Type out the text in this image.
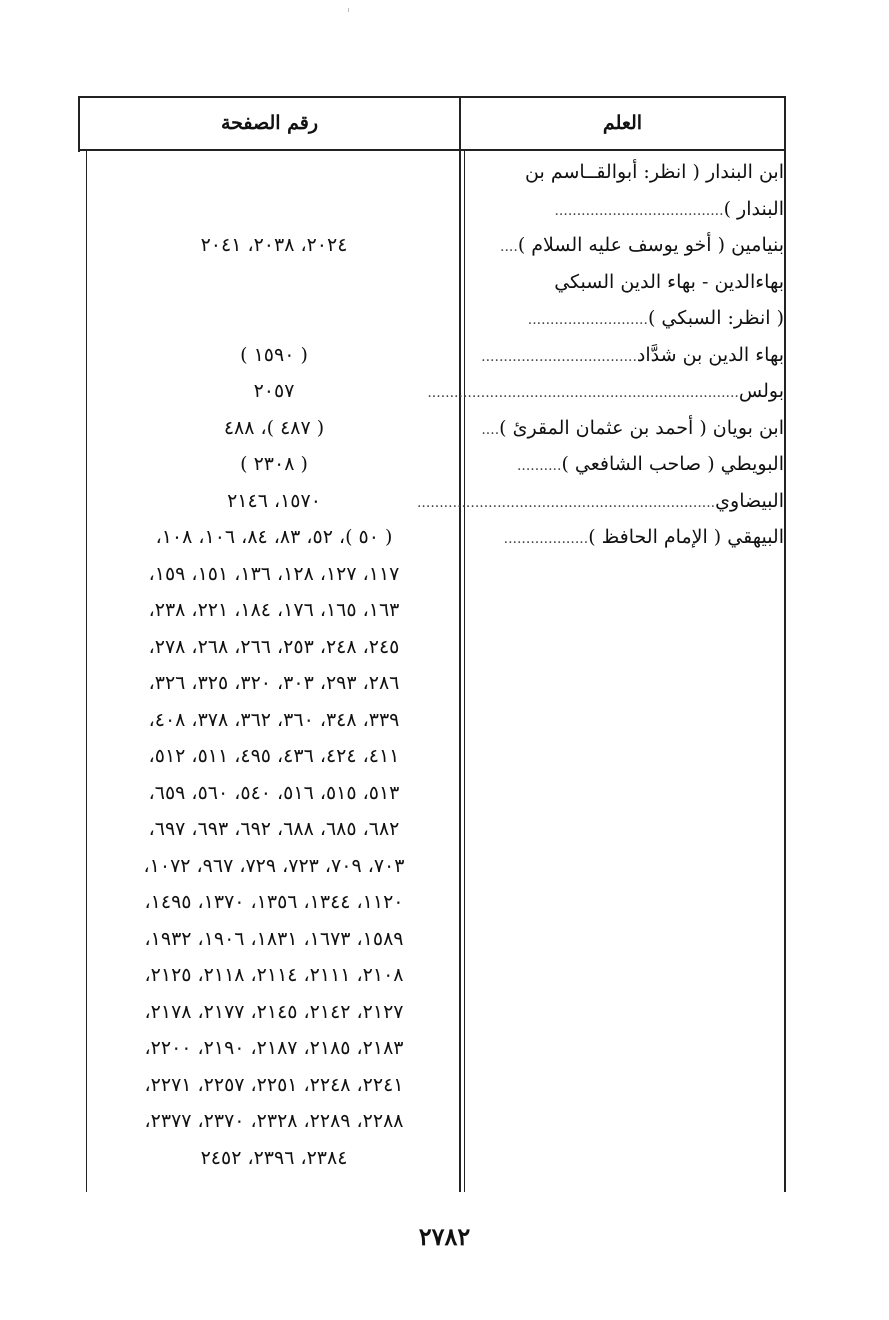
العلم
رقم الصفحة
ابن البندار ( انظر: أبوالقــاسم بن
البندار )......................................
بنيامين ( أخو يوسف عليه السلام )....
بهاءالدين - بهاء الدين السبكي
( انظر: السبكي )...........................
بهاء الدين بن شدَّاد...................................
بولس......................................................................
ابن بويان ( أحمد بن عثمان المقرئ )....
البويطي ( صاحب الشافعي )..........
البيضاوي...................................................................
البيهقي ( الإمام الحافظ )...................
٢٠٢٤، ٢٠٣٨، ٢٠٤١
( ١٥٩٠ )
٢٠٥٧
( ٤٨٧ )، ٤٨٨
( ٢٣٠٨ )
١٥٧٠، ٢١٤٦
( ٥٠ )، ٥٢، ٨٣، ٨٤، ١٠٦، ١٠٨،
١١٧، ١٢٧، ١٢٨، ١٣٦، ١٥١، ١٥٩،
١٦٣، ١٦٥، ١٧٦، ١٨٤، ٢٢١، ٢٣٨،
٢٤٥، ٢٤٨، ٢٥٣، ٢٦٦، ٢٦٨، ٢٧٨،
٢٨٦، ٢٩٣، ٣٠٣، ٣٢٠، ٣٢٥، ٣٢٦،
٣٣٩، ٣٤٨، ٣٦٠، ٣٦٢، ٣٧٨، ٤٠٨،
٤١١، ٤٢٤، ٤٣٦، ٤٩٥، ٥١١، ٥١٢،
٥١٣، ٥١٥، ٥١٦، ٥٤٠، ٥٦٠، ٦٥٩،
٦٨٢، ٦٨٥، ٦٨٨، ٦٩٢، ٦٩٣، ٦٩٧،
٧٠٣، ٧٠٩، ٧٢٣، ٧٢٩، ٩٦٧، ١٠٧٢،
١١٢٠، ١٣٤٤، ١٣٥٦، ١٣٧٠، ١٤٩٥،
١٥٨٩، ١٦٧٣، ١٨٣١، ١٩٠٦، ١٩٣٢،
٢١٠٨، ٢١١١، ٢١١٤، ٢١١٨، ٢١٢٥،
٢١٢٧، ٢١٤٢، ٢١٤٥، ٢١٧٧، ٢١٧٨،
٢١٨٣، ٢١٨٥، ٢١٨٧، ٢١٩٠، ٢٢٠٠،
٢٢٤١، ٢٢٤٨، ٢٢٥١، ٢٢٥٧، ٢٢٧١،
٢٢٨٨، ٢٢٨٩، ٢٣٢٨، ٢٣٧٠، ٢٣٧٧،
٢٣٨٤، ٢٣٩٦، ٢٤٥٢
٢٧٨٢
